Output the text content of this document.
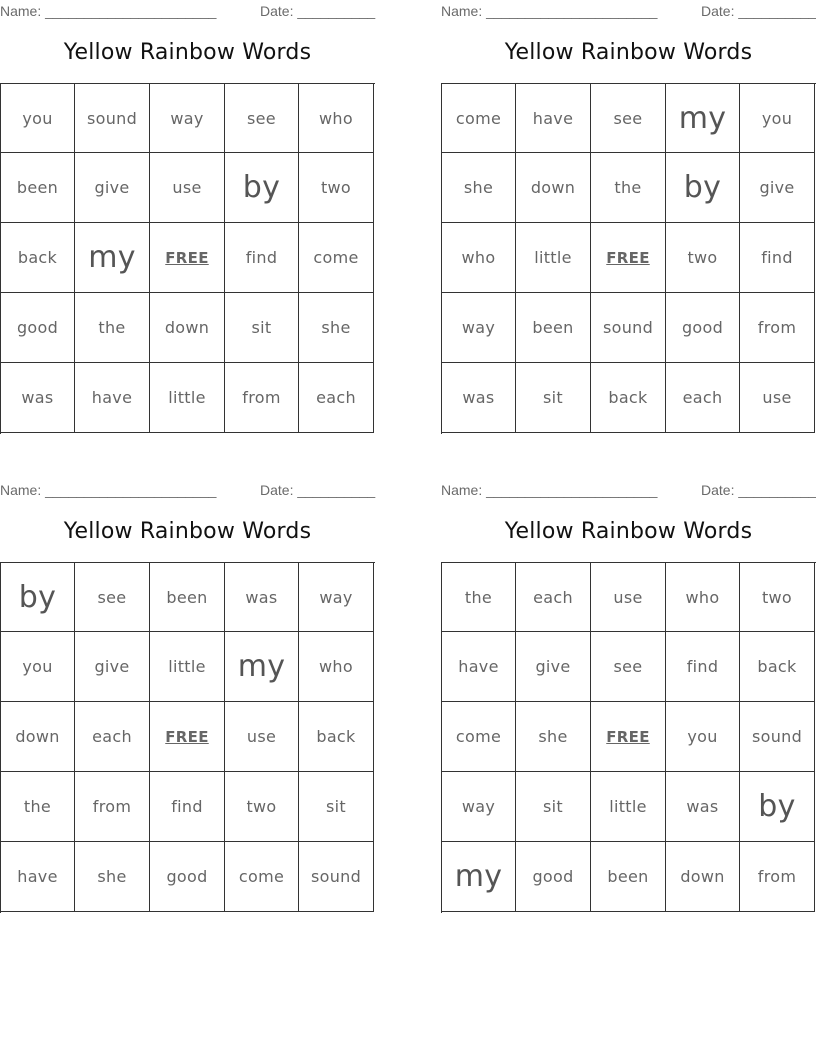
Name: ______________________	Date: __________
Yellow Rainbow Words
you	sound	way	see	who
been	give	use	by	two
back	my	FREE	find	come
good	the	down	sit	she
was	have	little	from	each
Name: ______________________	Date: __________
Yellow Rainbow Words
come	have	see	my	you
she	down	the	by	give
who	little	FREE	two	find
way	been	sound	good	from
was	sit	back	each	use
Name: ______________________	Date: __________
Yellow Rainbow Words
by	see	been	was	way
you	give	little	my	who
down	each	FREE	use	back
the	from	find	two	sit
have	she	good	come	sound
Name: ______________________	Date: __________
Yellow Rainbow Words
the	each	use	who	two
have	give	see	find	back
come	she	FREE	you	sound
way	sit	little	was	by
my	good	been	down	from
